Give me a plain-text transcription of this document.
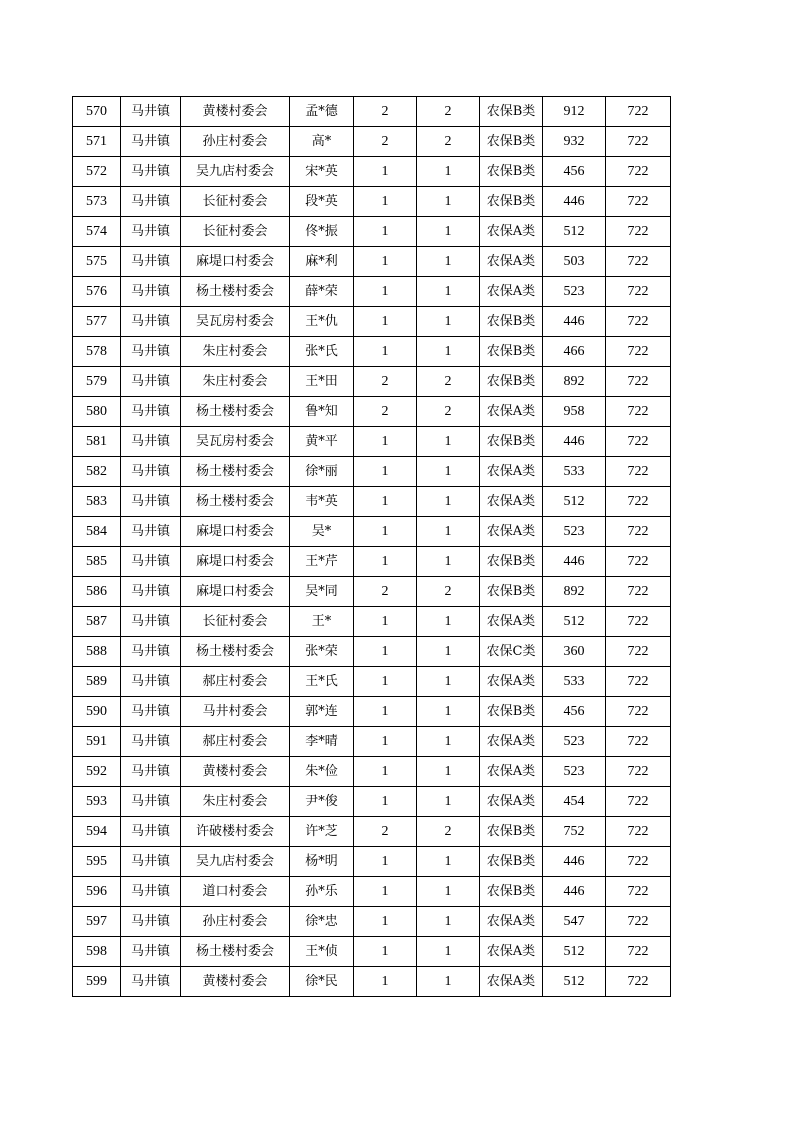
570	马井镇	黄楼村委会	孟*德	2	2	农保B类	912	722
571	马井镇	孙庄村委会	高*	2	2	农保B类	932	722
572	马井镇	吴九店村委会	宋*英	1	1	农保B类	456	722
573	马井镇	长征村委会	段*英	1	1	农保B类	446	722
574	马井镇	长征村委会	佟*振	1	1	农保A类	512	722
575	马井镇	麻堤口村委会	麻*利	1	1	农保A类	503	722
576	马井镇	杨土楼村委会	薛*荣	1	1	农保A类	523	722
577	马井镇	吴瓦房村委会	王*仇	1	1	农保B类	446	722
578	马井镇	朱庄村委会	张*氏	1	1	农保B类	466	722
579	马井镇	朱庄村委会	王*田	2	2	农保B类	892	722
580	马井镇	杨土楼村委会	鲁*知	2	2	农保A类	958	722
581	马井镇	吴瓦房村委会	黄*平	1	1	农保B类	446	722
582	马井镇	杨土楼村委会	徐*丽	1	1	农保A类	533	722
583	马井镇	杨土楼村委会	韦*英	1	1	农保A类	512	722
584	马井镇	麻堤口村委会	吴*	1	1	农保A类	523	722
585	马井镇	麻堤口村委会	王*芹	1	1	农保B类	446	722
586	马井镇	麻堤口村委会	吴*同	2	2	农保B类	892	722
587	马井镇	长征村委会	王*	1	1	农保A类	512	722
588	马井镇	杨土楼村委会	张*荣	1	1	农保C类	360	722
589	马井镇	郝庄村委会	王*氏	1	1	农保A类	533	722
590	马井镇	马井村委会	郭*连	1	1	农保B类	456	722
591	马井镇	郝庄村委会	李*晴	1	1	农保A类	523	722
592	马井镇	黄楼村委会	朱*俭	1	1	农保A类	523	722
593	马井镇	朱庄村委会	尹*俊	1	1	农保A类	454	722
594	马井镇	许破楼村委会	许*芝	2	2	农保B类	752	722
595	马井镇	吴九店村委会	杨*明	1	1	农保B类	446	722
596	马井镇	道口村委会	孙*乐	1	1	农保B类	446	722
597	马井镇	孙庄村委会	徐*忠	1	1	农保A类	547	722
598	马井镇	杨土楼村委会	王*侦	1	1	农保A类	512	722
599	马井镇	黄楼村委会	徐*民	1	1	农保A类	512	722
